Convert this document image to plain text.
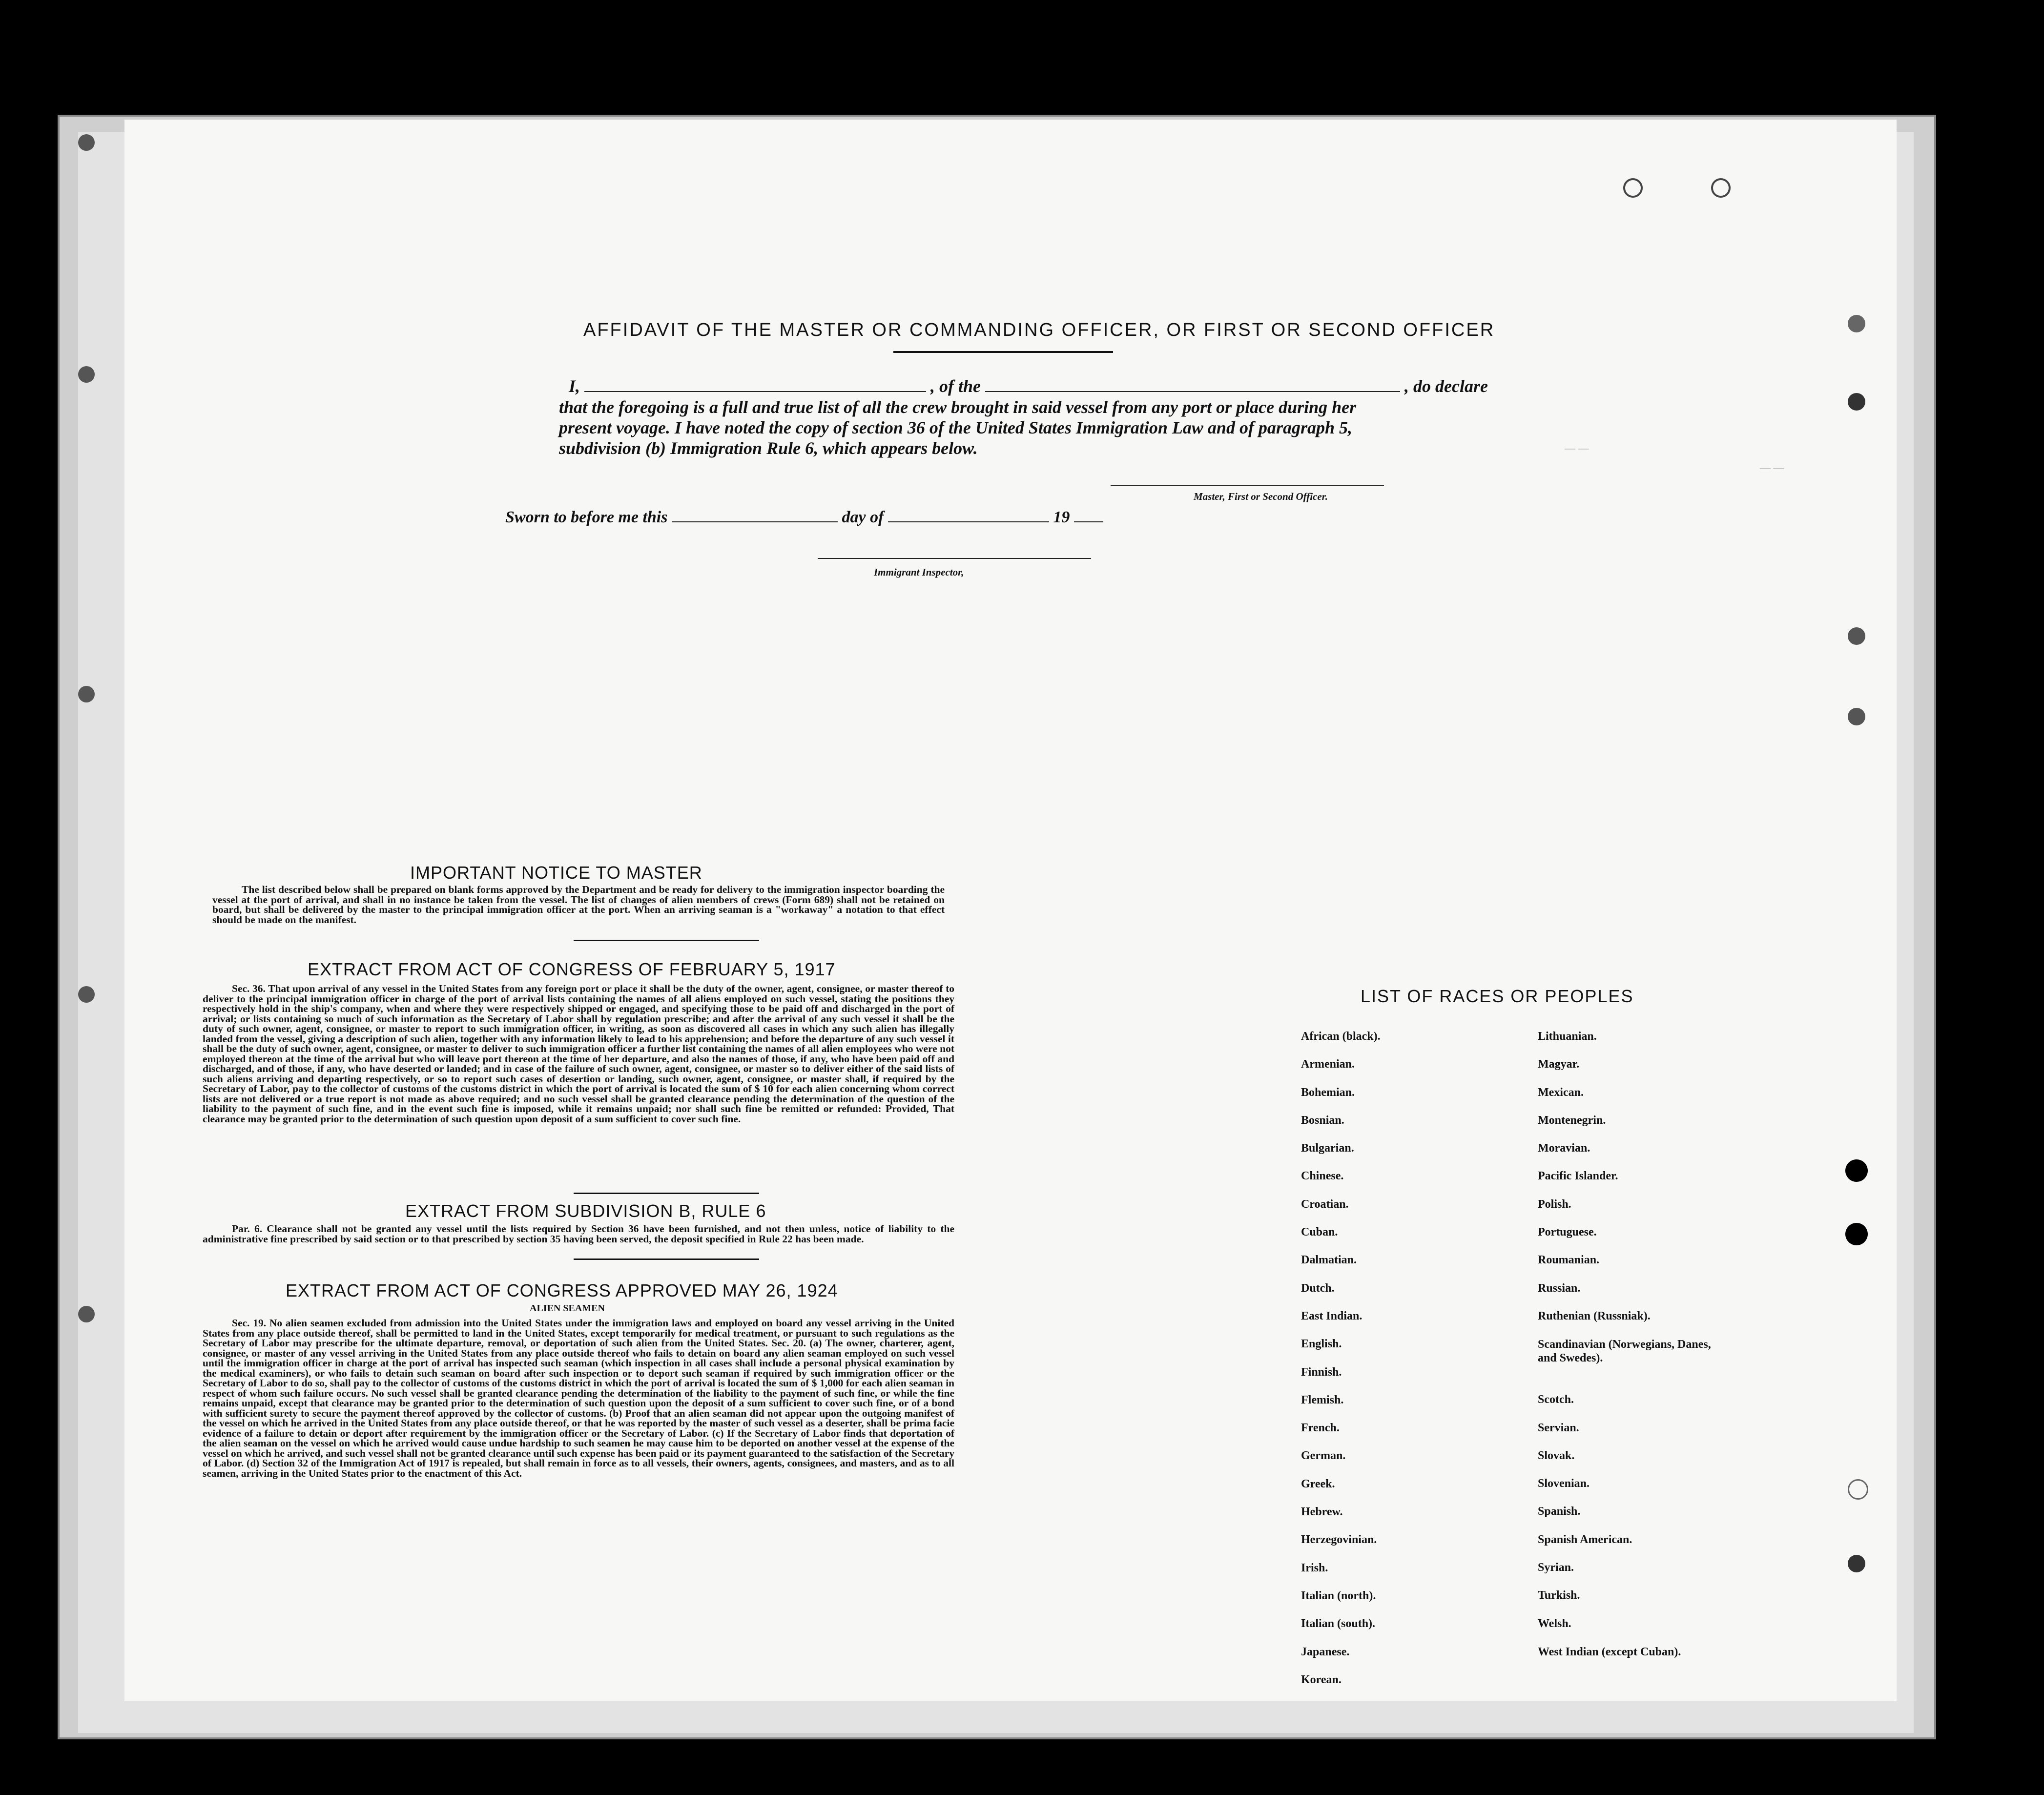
— —
— —
AFFIDAVIT OF THE MASTER OR COMMANDING OFFICER, OR FIRST OR SECOND OFFICER
I,	, of the	, do declare
that the foregoing is a full and true list of all the crew brought in said vessel from any port or place during her
present voyage. I have noted the copy of section 36 of the United States Immigration Law and of paragraph 5,
subdivision (b) Immigration Rule 6, which appears below.
Master, First or Second Officer.
Sworn to before me this	day of	19
Immigrant Inspector,
IMPORTANT NOTICE TO MASTER
The list described below shall be prepared on blank forms approved by the Department and be ready for delivery to the immigration inspector boarding the vessel at the port of arrival, and shall in no instance be taken from the vessel. The list of changes of alien members of crews (Form 689) shall not be retained on board, but shall be delivered by the master to the principal immigration officer at the port. When an arriving seaman is a "workaway" a notation to that effect should be made on the manifest.
EXTRACT FROM ACT OF CONGRESS OF FEBRUARY 5, 1917
Sec. 36. That upon arrival of any vessel in the United States from any foreign port or place it shall be the duty of the owner, agent, consignee, or master thereof to deliver to the principal immigration officer in charge of the port of arrival lists containing the names of all aliens employed on such vessel, stating the positions they respectively hold in the ship's company, when and where they were respectively shipped or engaged, and specifying those to be paid off and discharged in the port of arrival; or lists containing so much of such information as the Secretary of Labor shall by regulation prescribe; and after the arrival of any such vessel it shall be the duty of such owner, agent, consignee, or master to report to such immigration officer, in writing, as soon as discovered all cases in which any such alien has illegally landed from the vessel, giving a description of such alien, together with any information likely to lead to his apprehension; and before the departure of any such vessel it shall be the duty of such owner, agent, consignee, or master to deliver to such immigration officer a further list containing the names of all alien employees who were not employed thereon at the time of the arrival but who will leave port thereon at the time of her departure, and also the names of those, if any, who have been paid off and discharged, and of those, if any, who have deserted or landed; and in case of the failure of such owner, agent, consignee, or master so to deliver either of the said lists of such aliens arriving and departing respectively, or so to report such cases of desertion or landing, such owner, agent, consignee, or master shall, if required by the Secretary of Labor, pay to the collector of customs of the customs district in which the port of arrival is located the sum of $ 10 for each alien concerning whom correct lists are not delivered or a true report is not made as above required; and no such vessel shall be granted clearance pending the determination of the question of the liability to the payment of such fine, and in the event such fine is imposed, while it remains unpaid; nor shall such fine be remitted or refunded: Provided, That clearance may be granted prior to the determination of such question upon deposit of a sum sufficient to cover such fine.
EXTRACT FROM SUBDIVISION B, RULE 6
Par. 6. Clearance shall not be granted any vessel until the lists required by Section 36 have been furnished, and not then unless, notice of liability to the administrative fine prescribed by said section or to that prescribed by section 35 having been served, the deposit specified in Rule 22 has been made.
EXTRACT FROM ACT OF CONGRESS APPROVED MAY 26, 1924
ALIEN SEAMEN
Sec. 19. No alien seamen excluded from admission into the United States under the immigration laws and employed on board any vessel arriving in the United States from any place outside thereof, shall be permitted to land in the United States, except temporarily for medical treatment, or pursuant to such regulations as the Secretary of Labor may prescribe for the ultimate departure, removal, or deportation of such alien from the United States. Sec. 20. (a) The owner, charterer, agent, consignee, or master of any vessel arriving in the United States from any place outside thereof who fails to detain on board any alien seaman employed on such vessel until the immigration officer in charge at the port of arrival has inspected such seaman (which inspection in all cases shall include a personal physical examination by the medical examiners), or who fails to detain such seaman on board after such inspection or to deport such seaman if required by such immigration officer or the Secretary of Labor to do so, shall pay to the collector of customs of the customs district in which the port of arrival is located the sum of $ 1,000 for each alien seaman in respect of whom such failure occurs. No such vessel shall be granted clearance pending the determination of the liability to the payment of such fine, or while the fine remains unpaid, except that clearance may be granted prior to the determination of such question upon the deposit of a sum sufficient to cover such fine, or of a bond with sufficient surety to secure the payment thereof approved by the collector of customs. (b) Proof that an alien seaman did not appear upon the outgoing manifest of the vessel on which he arrived in the United States from any place outside thereof, or that he was reported by the master of such vessel as a deserter, shall be prima facie evidence of a failure to detain or deport after requirement by the immigration officer or the Secretary of Labor. (c) If the Secretary of Labor finds that deportation of the alien seaman on the vessel on which he arrived would cause undue hardship to such seamen he may cause him to be deported on another vessel at the expense of the vessel on which he arrived, and such vessel shall not be granted clearance until such expense has been paid or its payment guaranteed to the satisfaction of the Secretary of Labor. (d) Section 32 of the Immigration Act of 1917 is repealed, but shall remain in force as to all vessels, their owners, agents, consignees, and masters, and as to all seamen, arriving in the United States prior to the enactment of this Act.
LIST OF RACES OR PEOPLES
African (black).
Armenian.
Bohemian.
Bosnian.
Bulgarian.
Chinese.
Croatian.
Cuban.
Dalmatian.
Dutch.
East Indian.
English.
Finnish.
Flemish.
French.
German.
Greek.
Hebrew.
Herzegovinian.
Irish.
Italian (north).
Italian (south).
Japanese.
Korean.
Lithuanian.
Magyar.
Mexican.
Montenegrin.
Moravian.
Pacific Islander.
Polish.
Portuguese.
Roumanian.
Russian.
Ruthenian (Russniak).
Scandinavian (Norwegians, Danes, and Swedes).
Scotch.
Servian.
Slovak.
Slovenian.
Spanish.
Spanish American.
Syrian.
Turkish.
Welsh.
West Indian (except Cuban).
